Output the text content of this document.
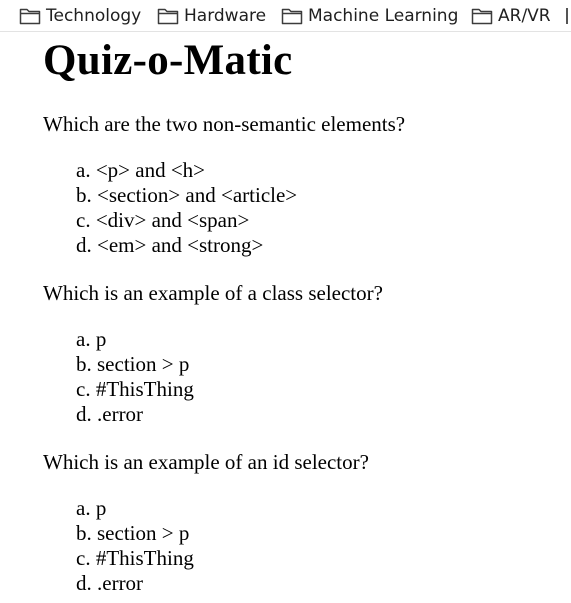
Technology	Hardware Machine Learning AR/VR
Quiz-o-Matic

Which are the two non-semantic elements?

a. <p> and <h>
b. <section> and <article>
c. <div> and <span>
d. <em> and <strong>

Which is an example of a class selector?

a. p
b. section > p
c. #ThisThing
d. .error

Which is an example of an id selector?

a. p
b. section > p
c. #ThisThing
d. .error
